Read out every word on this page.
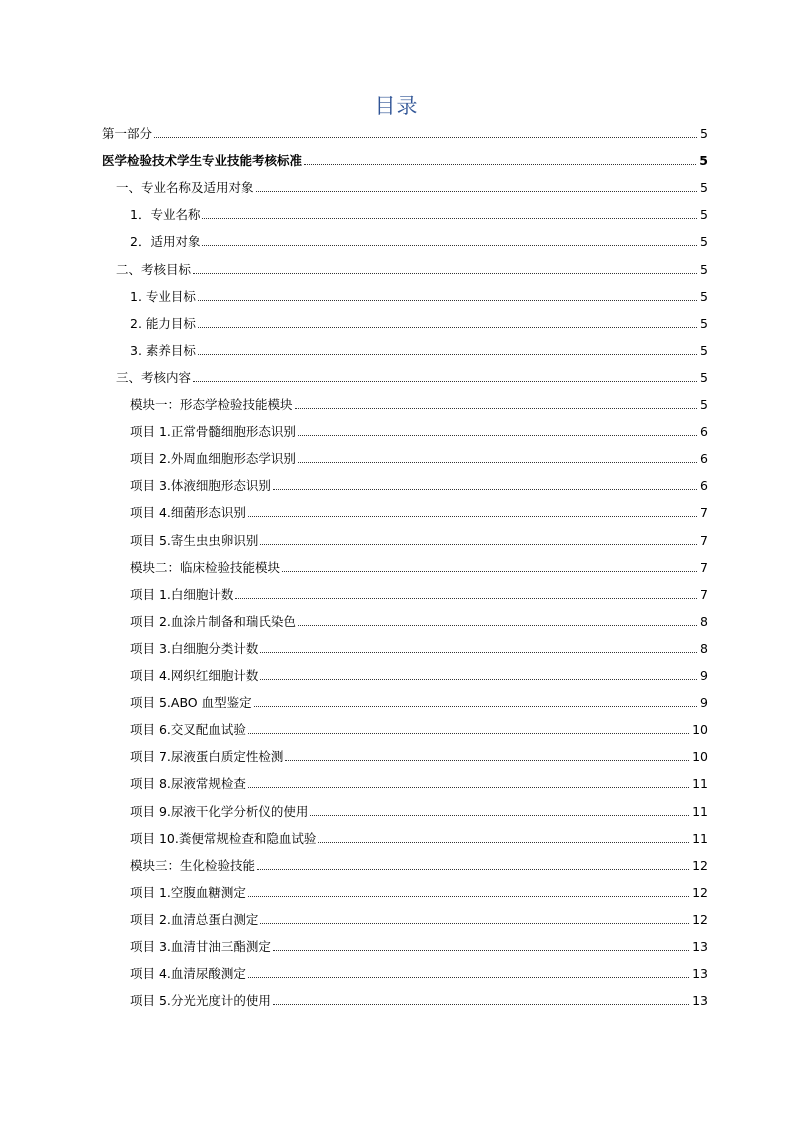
目录
第一部分	5
医学检验技术学生专业技能考核标准	5
一、专业名称及适用对象	5
1．专业名称	5
2．适用对象	5
二、考核目标	5
1. 专业目标	5
2. 能力目标	5
3. 素养目标	5
三、考核内容	5
模块一：形态学检验技能模块	5
项目 1.正常骨髓细胞形态识别	6
项目 2.外周血细胞形态学识别	6
项目 3.体液细胞形态识别	6
项目 4.细菌形态识别	7
项目 5.寄生虫虫卵识别	7
模块二：临床检验技能模块	7
项目 1.白细胞计数	7
项目 2.血涂片制备和瑞氏染色	8
项目 3.白细胞分类计数	8
项目 4.网织红细胞计数	9
项目 5.ABO 血型鉴定	9
项目 6.交叉配血试验	10
项目 7.尿液蛋白质定性检测	10
项目 8.尿液常规检查	11
项目 9.尿液干化学分析仪的使用	11
项目 10.粪便常规检查和隐血试验	11
模块三：生化检验技能	12
项目 1.空腹血糖测定	12
项目 2.血清总蛋白测定	12
项目 3.血清甘油三酯测定	13
项目 4.血清尿酸测定	13
项目 5.分光光度计的使用	13
